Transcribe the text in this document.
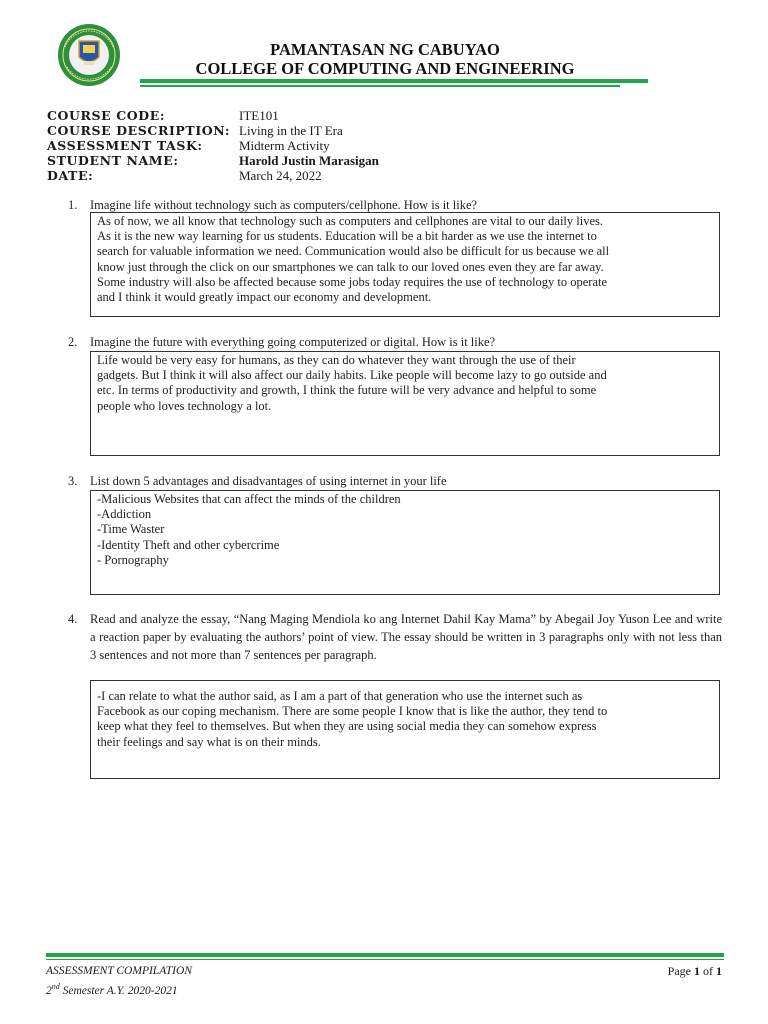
PAMANTASAN NG CABUYAO
COLLEGE OF COMPUTING AND ENGINEERING
COURSE CODE:	ITE101
COURSE DESCRIPTION: Living in the IT Era
ASSESSMENT TASK:	Midterm Activity
STUDENT NAME:	Harold Justin Marasigan
DATE:	March 24, 2022
1. Imagine life without technology such as computers/cellphone. How is it like?
As of now, we all know that technology such as computers and cellphones are vital to our daily lives.
As it is the new way learning for us students. Education will be a bit harder as we use the internet to
search for valuable information we need. Communication would also be difficult for us because we all
know just through the click on our smartphones we can talk to our loved ones even they are far away.
Some industry will also be affected because some jobs today requires the use of technology to operate
and I think it would greatly impact our economy and development.
2. Imagine the future with everything going computerized or digital. How is it like?
Life would be very easy for humans, as they can do whatever they want through the use of their
gadgets. But I think it will also affect our daily habits. Like people will become lazy to go outside and
etc. In terms of productivity and growth, I think the future will be very advance and helpful to some
people who loves technology a lot.
3. List down 5 advantages and disadvantages of using internet in your life
-Malicious Websites that can affect the minds of the children
-Addiction
-Time Waster
-Identity Theft and other cybercrime
- Pornography
4. Read and analyze the essay, “Nang Maging Mendiola ko ang Internet Dahil Kay Mama” by Abegail Joy Yuson Lee and write a reaction paper by evaluating the authors’ point of view. The essay should be written in 3 paragraphs only with not less than 3 sentences and not more than 7 sentences per paragraph.
-I can relate to what the author said, as I am a part of that generation who use the internet such as
Facebook as our coping mechanism. There are some people I know that is like the author, they tend to
keep what they feel to themselves. But when they are using social media they can somehow express
their feelings and say what is on their minds.
ASSESSMENT COMPILATION
2nd Semester A.Y. 2020-2021
Page 1 of 1
